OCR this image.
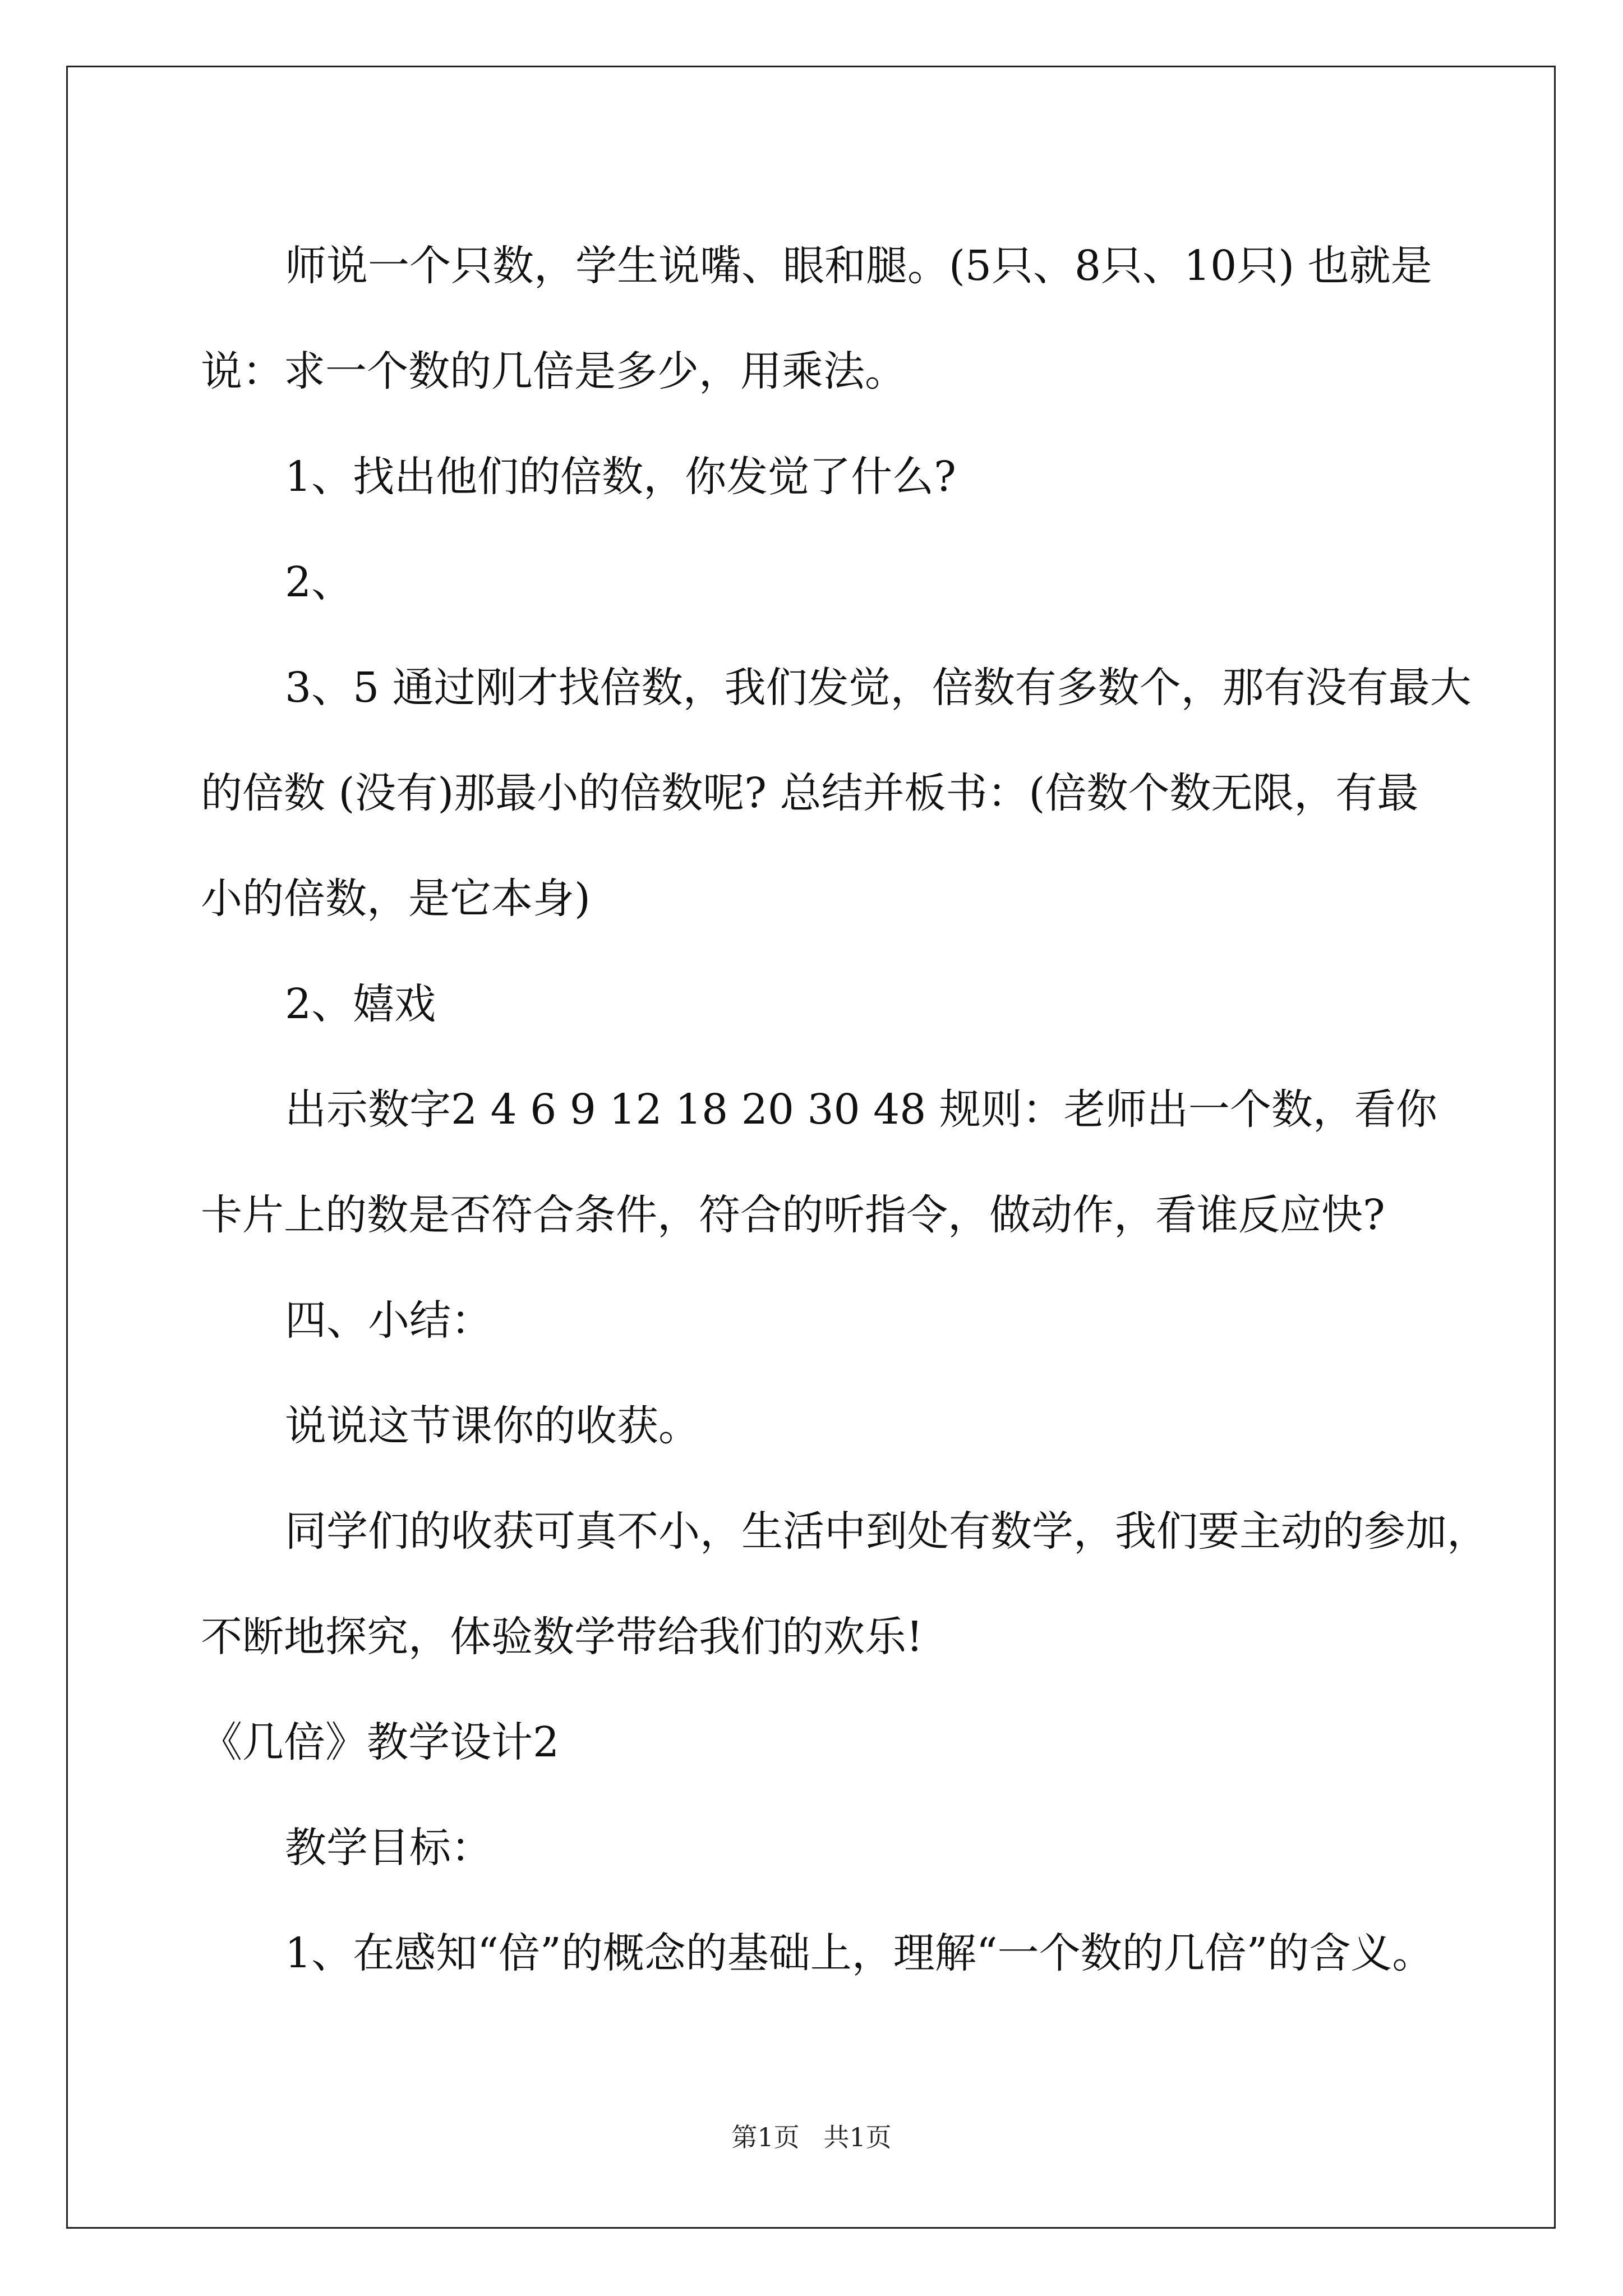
师说一个只数，学生说嘴、眼和腿。(5只、8只、10只) 也就是

说：求一个数的几倍是多少，用乘法。

1、找出他们的倍数，你发觉了什么?

2、

3、5 通过刚才找倍数，我们发觉，倍数有多数个，那有没有最大

的倍数 (没有)那最小的倍数呢? 总结并板书：(倍数个数无限，有最

小的倍数，是它本身)

2、嬉戏

出示数字2 4 6 9 12 18 20 30 48 规则：老师出一个数，看你

卡片上的数是否符合条件，符合的听指令，做动作，看谁反应快?

四、小结：

说说这节课你的收获。

同学们的收获可真不小，生活中到处有数学，我们要主动的参加，

不断地探究，体验数学带给我们的欢乐!

《几倍》教学设计2

教学目标：

1、在感知“倍”的概念的基础上，理解“一个数的几倍”的含义。

第1页 共1页
